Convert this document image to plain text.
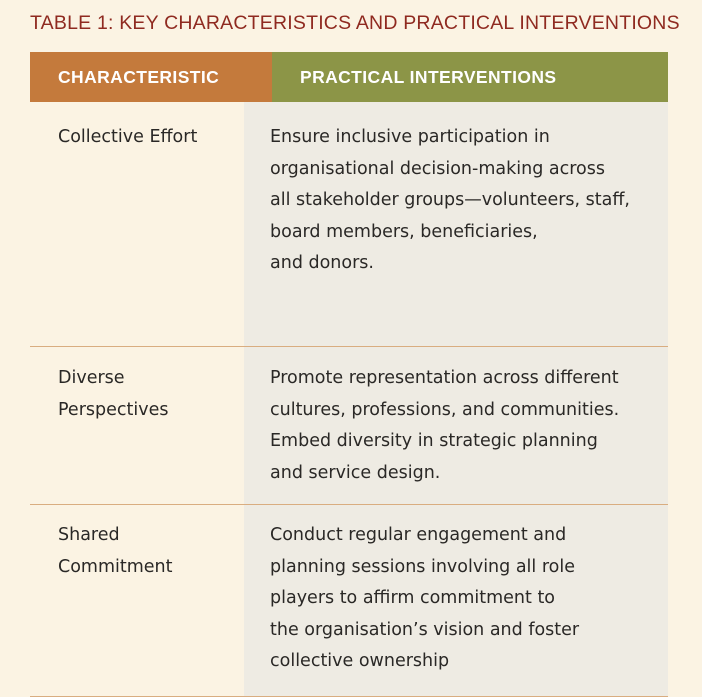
TABLE 1: KEY CHARACTERISTICS AND PRACTICAL INTERVENTIONS
CHARACTERISTIC	PRACTICAL INTERVENTIONS
Collective Effort	Ensure inclusive participation in
organisational decision-making across
all stakeholder groups—volunteers, staff,
board members, beneficiaries,
and donors.
Diverse
Perspectives
Promote representation across different
cultures, professions, and communities.
Embed diversity in strategic planning
and service design.
Shared
Commitment
Conduct regular engagement and
planning sessions involving all role
players to affirm commitment to
the organisation’s vision and foster
collective ownership
